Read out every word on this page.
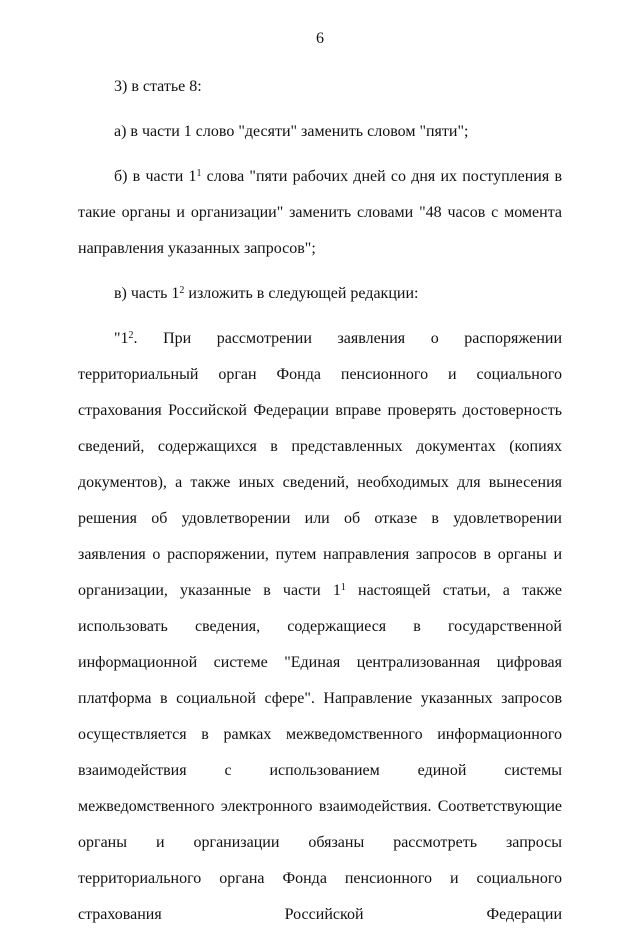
6

3) в статье 8:

а) в части 1 слово "десяти" заменить словом "пяти";

б) в части $1^1$ слова "пяти рабочих дней со дня их поступления в такие органы и организации" заменить словами "48 часов с момента направления указанных запросов";

в) часть $1^2$ изложить в следующей редакции:

"$1^2$. При рассмотрении заявления о распоряжении территориальный орган Фонда пенсионного и социального страхования Российской Федерации вправе проверять достоверность сведений, содержащихся в представленных документах (копиях документов), а также иных сведений, необходимых для вынесения решения об удовлетворении или об отказе в удовлетворении заявления о распоряжении, путем направления запросов в органы и организации, указанные в части $1^1$ настоящей статьи, а также использовать сведения, содержащиеся в государственной информационной системе "Единая централизованная цифровая платформа в социальной сфере". Направление указанных запросов осуществляется в рамках межведомственного информационного взаимодействия с использованием единой системы межведомственного электронного взаимодействия. Соответствующие органы и организации обязаны рассмотреть запросы территориального органа Фонда пенсионного и социального страхования Российской Федерации
